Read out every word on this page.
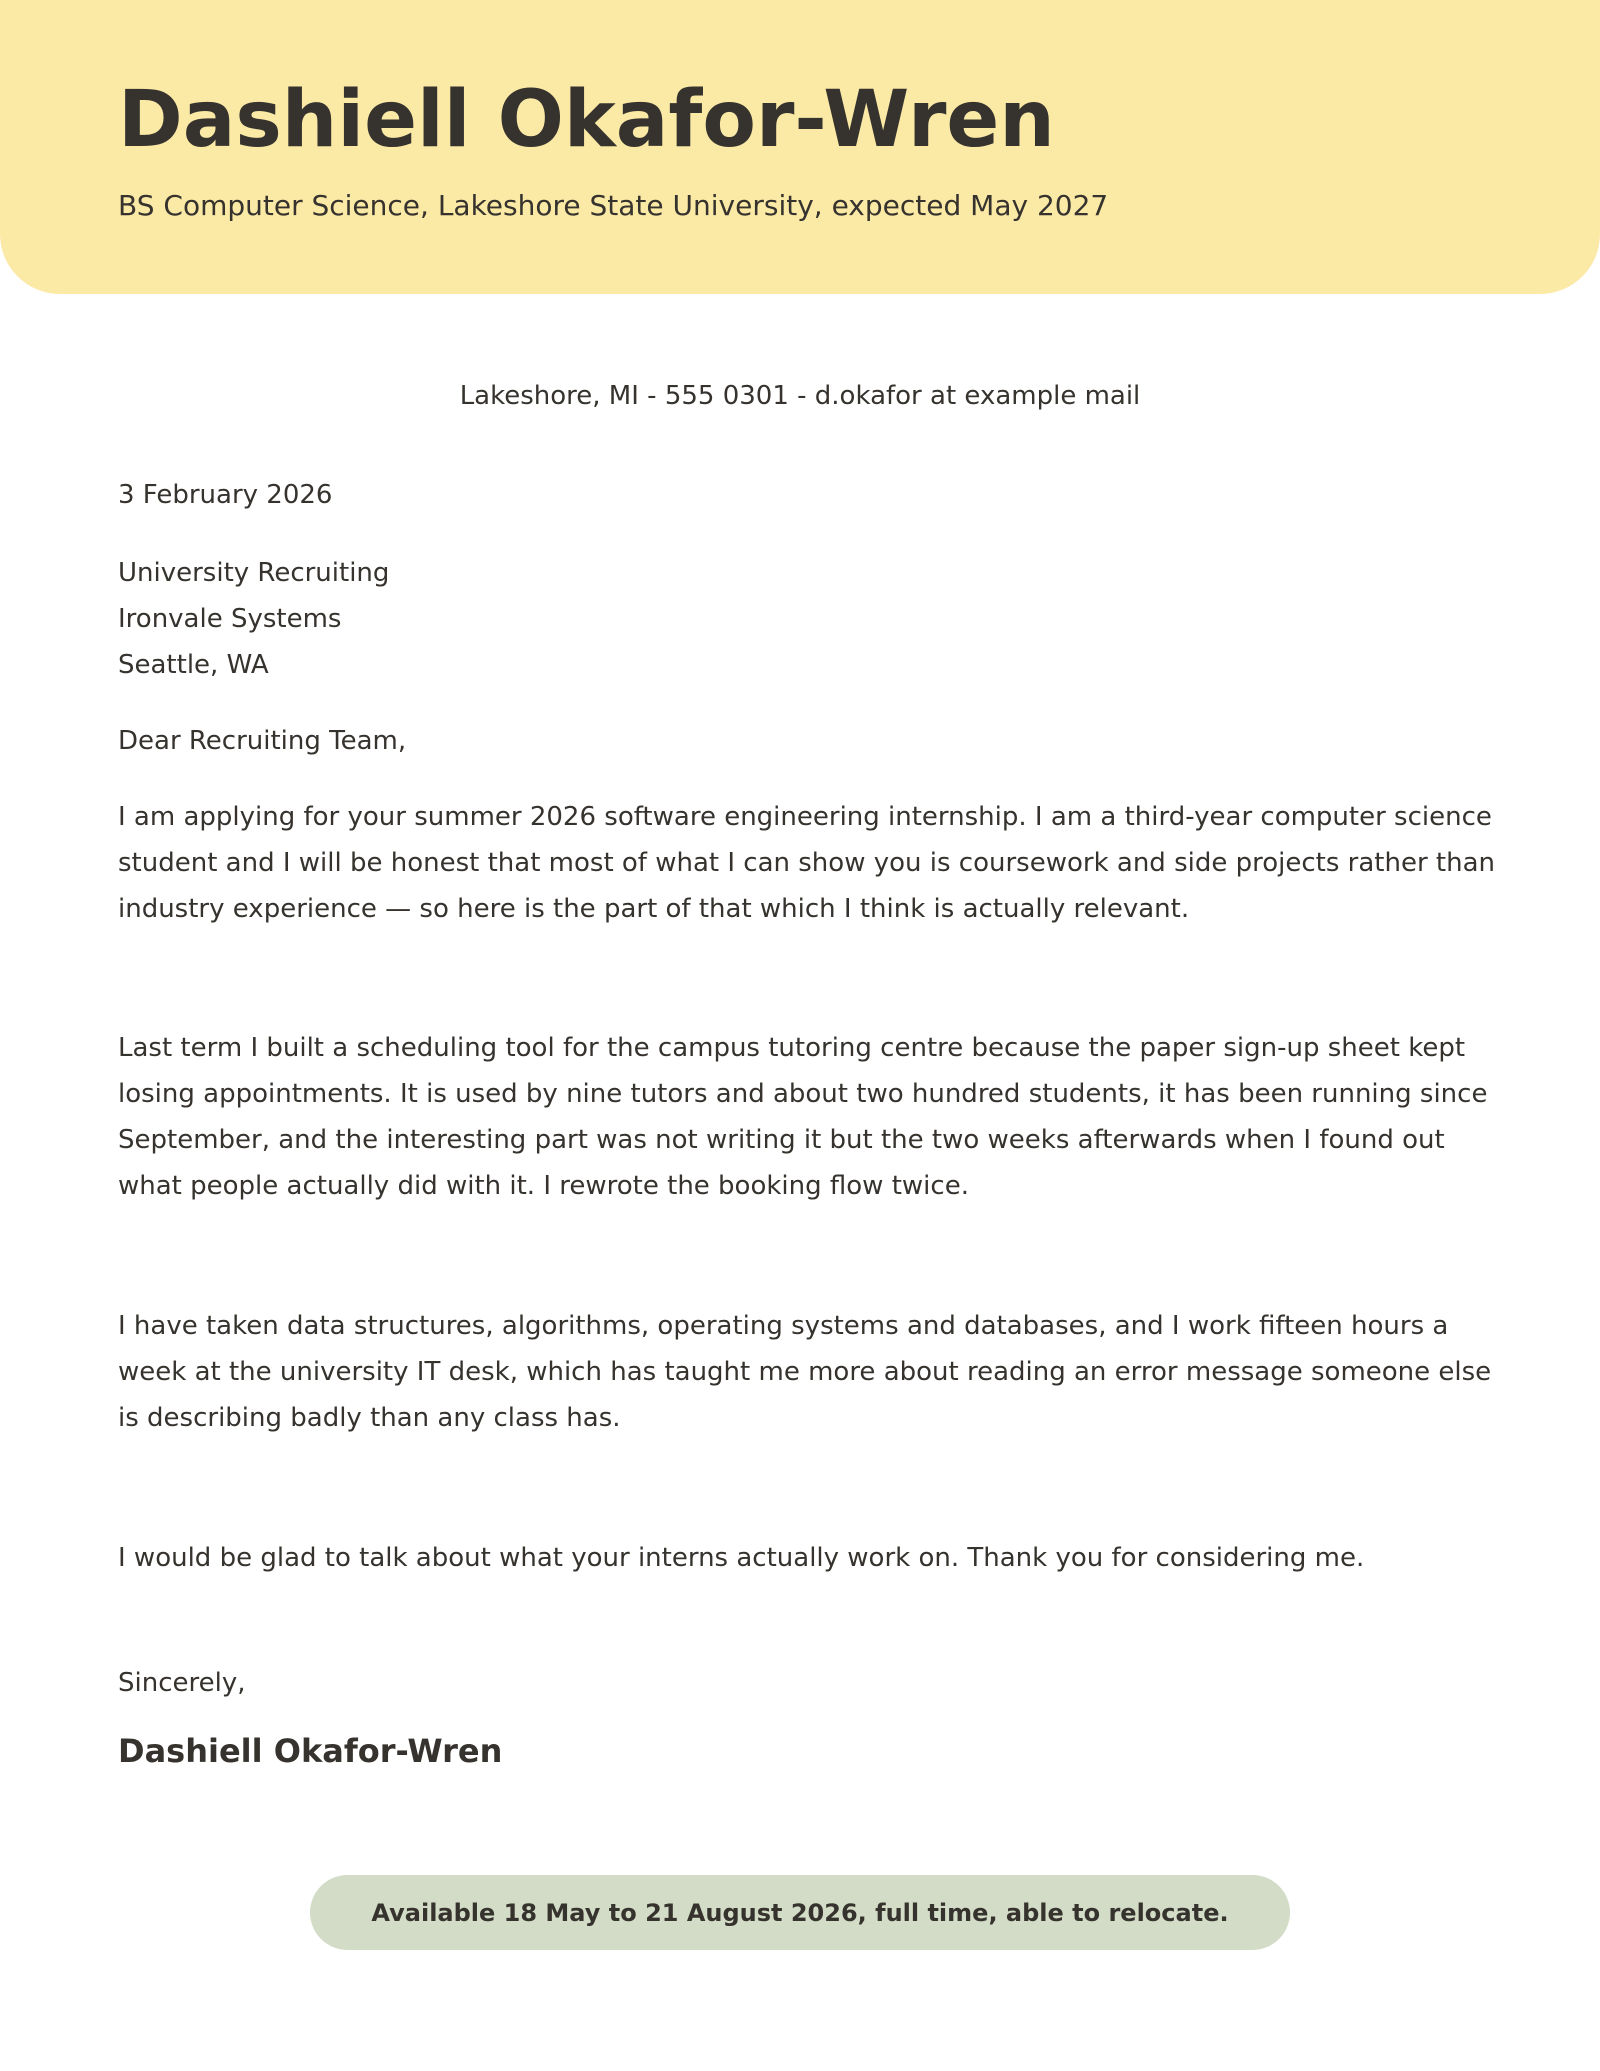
Dashiell Okafor-Wren

BS Computer Science, Lakeshore State University, expected May 2027

Lakeshore, MI - 555 0301 - d.okafor at example mail
3 February 2026
University Recruiting
Ironvale Systems
Seattle, WA
Dear Recruiting Team,
I am applying for your summer 2026 software engineering internship. I am a third-year computer science student and I will be honest that most of what I can show you is coursework and side projects rather than industry experience — so here is the part of that which I think is actually relevant.
Last term I built a scheduling tool for the campus tutoring centre because the paper sign-up sheet kept losing appointments. It is used by nine tutors and about two hundred students, it has been running since September, and the interesting part was not writing it but the two weeks afterwards when I found out what people actually did with it. I rewrote the booking flow twice.
I have taken data structures, algorithms, operating systems and databases, and I work fifteen hours a week at the university IT desk, which has taught me more about reading an error message someone else is describing badly than any class has.
I would be glad to talk about what your interns actually work on. Thank you for considering me.
Sincerely,
Dashiell Okafor-Wren
Available 18 May to 21 August 2026, full time, able to relocate.
